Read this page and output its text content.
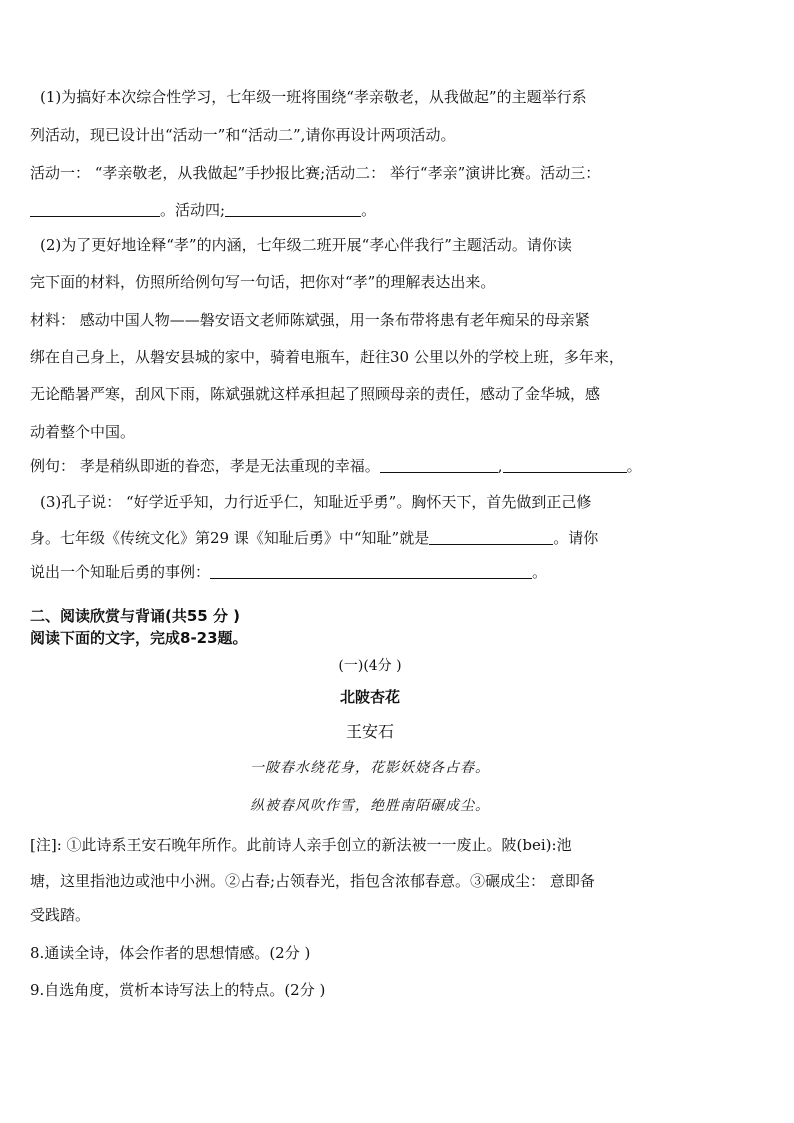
(1)为搞好本次综合性学习，七年级一班将围绕“孝亲敬老，从我做起”的主题举行系
列活动，现已设计出“活动一”和“活动二”,请你再设计两项活动。
活动一： “孝亲敬老，从我做起”手抄报比赛;活动二： 举行“孝亲”演讲比赛。活动三：
。活动四;	。
(2)为了更好地诠释“孝”的内涵，七年级二班开展“孝心伴我行”主题活动。请你读
完下面的材料，仿照所给例句写一句话，把你对“孝”的理解表达出来。
材料： 感动中国人物——磐安语文老师陈斌强，用一条布带将患有老年痴呆的母亲紧
绑在自己身上，从磐安县城的家中，骑着电瓶车，赶往30 公里以外的学校上班，多年来，
无论酷暑严寒，刮风下雨，陈斌强就这样承担起了照顾母亲的责任，感动了金华城，感
动着整个中国。
例句： 孝是稍纵即逝的眷恋，孝是无法重现的幸福。	,	。
(3)孔子说： “好学近乎知，力行近乎仁，知耻近乎勇”。胸怀天下，首先做到正己修
身。七年级《传统文化》第29 课《知耻后勇》中“知耻”就是	。请你
说出一个知耻后勇的事例：	。
二、阅读欣赏与背诵(共55 分 )
阅读下面的文字，完成8-23题。
(一)(4分 )
北陂杏花
王安石
一陂春水绕花身，花影妖娆各占春。
纵被春风吹作雪，绝胜南陌碾成尘。
[注]: ①此诗系王安石晚年所作。此前诗人亲手创立的新法被一一废止。陂(bei):池
塘，这里指池边或池中小洲。②占春;占领春光，指包含浓郁春意。③碾成尘： 意即备
受践踏。
8.通读全诗，体会作者的思想情感。(2分 )
9.自选角度，赏析本诗写法上的特点。(2分 )
